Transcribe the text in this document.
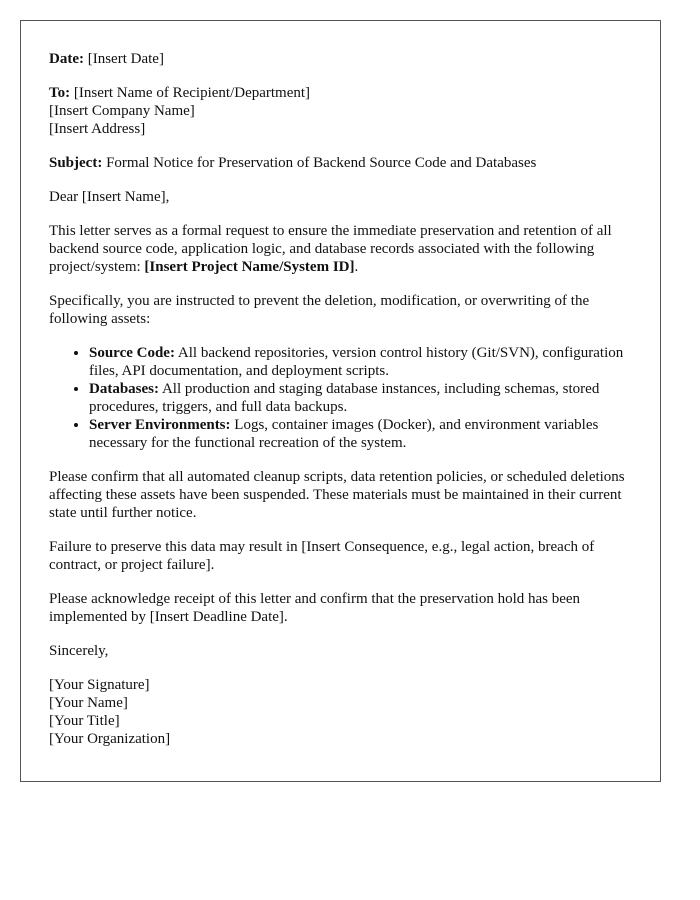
Date: [Insert Date]
To: [Insert Name of Recipient/Department]
[Insert Company Name]
[Insert Address]
Subject: Formal Notice for Preservation of Backend Source Code and Databases
Dear [Insert Name],
This letter serves as a formal request to ensure the immediate preservation and retention of all backend source code, application logic, and database records associated with the following project/system: [Insert Project Name/System ID].
Specifically, you are instructed to prevent the deletion, modification, or overwriting of the following assets:
• Source Code: All backend repositories, version control history (Git/SVN), configuration files, API documentation, and deployment scripts.
• Databases: All production and staging database instances, including schemas, stored procedures, triggers, and full data backups.
• Server Environments: Logs, container images (Docker), and environment variables necessary for the functional recreation of the system.
Please confirm that all automated cleanup scripts, data retention policies, or scheduled deletions affecting these assets have been suspended. These materials must be maintained in their current state until further notice.
Failure to preserve this data may result in [Insert Consequence, e.g., legal action, breach of contract, or project failure].
Please acknowledge receipt of this letter and confirm that the preservation hold has been implemented by [Insert Deadline Date].
Sincerely,
[Your Signature]
[Your Name]
[Your Title]
[Your Organization]
